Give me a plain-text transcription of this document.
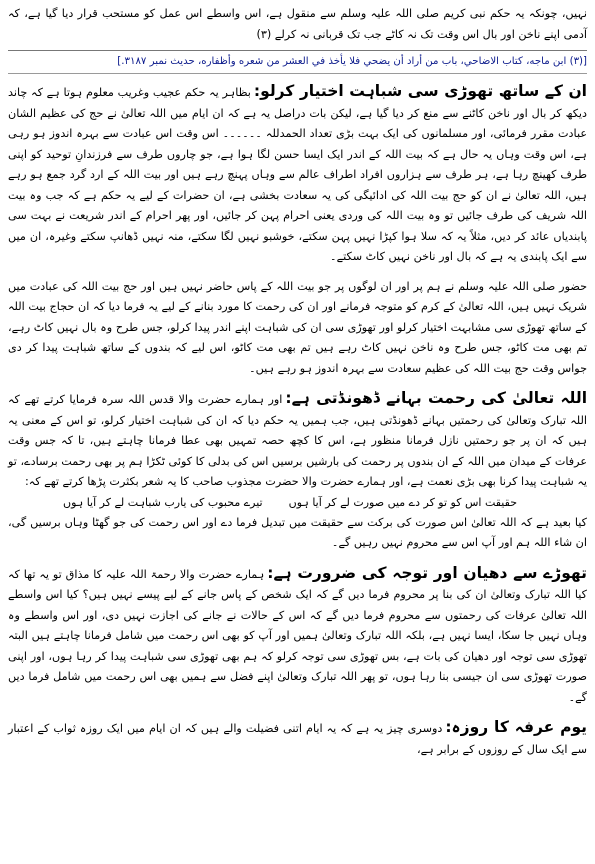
نہیں، چونکہ یہ حکم نبی کریم صلی اللہ علیہ وسلم سے منقول ہے، اس واسطے اس عمل کو مستحب قرار دیا گیا ہے، کہ آدمی اپنے ناخن اور بال اس وقت تک نہ کاٹے جب تک قربانی نہ کرلے (۳)

[(٣) ابن ماجه، كتاب الاضاحي، باب من أراد أن يضحي فلا يأخذ في العشر من شعره وأظفاره، حديث نمبر ٣١٨٧.]

ان کے ساتھ تھوڑی سی شباہت اختیار کرلو:بظاہر یہ حکم عجیب وغریب معلوم ہوتا ہے کہ چاند دیکھ کر بال اور ناخن کاٹنے سے منع کر دیا گیا ہے، لیکن بات دراصل یہ ہے کہ ان ایام میں اللہ تعالیٰ نے حج کی عظیم الشان عبادت مقرر فرمائی، اور مسلمانوں کی ایک بہت بڑی تعداد الحمدللہ ۔۔۔۔۔۔ اس وقت اس عبادت سے بہرہ اندوز ہو رہی ہے، اس وقت وہاں یہ حال ہے کہ بیت اللہ کے اندر ایک ایسا حسن لگا ہوا ہے، جو چاروں طرف سے فرزندانِ توحید کو اپنی طرف کھینچ رہا ہے، ہر طرف سے ہزاروں افراد اطراف عالم سے وہاں پہنچ رہے ہیں اور بیت اللہ کے ارد گرد جمع ہو رہے ہیں، اللہ تعالیٰ نے ان کو حج بیت اللہ کی ادائیگی کی یہ سعادت بخشی ہے، ان حضرات کے لیے یہ حکم ہے کہ جب وہ بیت اللہ شریف کی طرف جائیں تو وہ بیت اللہ کی وردی یعنی احرام پہن کر جائیں، اور پھر احرام کے اندر شریعت نے بہت سی پابندیاں عائد کر دیں، مثلاً یہ کہ سلا ہوا کپڑا نہیں پہن سکتے، خوشبو نہیں لگا سکتے، منہ نہیں ڈھانپ سکتے وغیرہ، ان میں سے ایک پابندی یہ ہے کہ بال اور ناخن نہیں کاٹ سکتے۔

حضور صلی اللہ علیہ وسلم نے ہم پر اور ان لوگوں پر جو بیت اللہ کے پاس حاضر نہیں ہیں اور حج بیت اللہ کی عبادت میں شریک نہیں ہیں، اللہ تعالیٰ کے کرم کو متوجہ فرمانے اور ان کی رحمت کا مورد بنانے کے لیے یہ فرما دیا کہ ان حجاج بیت اللہ کے ساتھ تھوڑی سی مشابہت اختیار کرلو اور تھوڑی سی ان کی شباہت اپنے اندر پیدا کرلو، جس طرح وہ بال نہیں کاٹ رہے، تم بھی مت کاٹو، جس طرح وہ ناخن نہیں کاٹ رہے ہیں تم بھی مت کاٹو، اس لیے کہ بندوں کے ساتھ شباہت پیدا کر دی جواس وقت حج بیت اللہ کی عظیم سعادت سے بہرہ اندوز ہو رہے ہیں۔

اللہ تعالیٰ کی رحمت بہانے ڈھونڈتی ہے:اور ہمارے حضرت والا قدس اللہ سرہ فرمایا کرتے تھے کہ اللہ تبارک وتعالیٰ کی رحمتیں بہانے ڈھونڈتی ہیں، جب ہمیں یہ حکم دیا کہ ان کی شباہت اختیار کرلو، تو اس کے معنی یہ ہیں کہ ان پر جو رحمتیں نازل فرمانا منظور ہے، اس کا کچھ حصہ تمہیں بھی عطا فرمانا چاہتے ہیں، تا کہ جس وقت عرفات کے میدان میں اللہ کے ان بندوں پر رحمت کی بارشیں برسیں اس کی بدلی کا کوئی ٹکڑا ہم پر بھی رحمت برسادے، تو یہ شباہت پیدا کرنا بھی بڑی نعمت ہے، اور ہمارے حضرت والا حضرت مجذوب صاحب کا یہ شعر بکثرت پڑھا کرتے تھے کہ:

تیرے محبوب کی یارب شباہت لے کر آیا ہوں حقیقت اس کو تو کر دے میں صورت لے کر آیا ہوں

کیا بعید ہے کہ اللہ تعالیٰ اس صورت کی برکت سے حقیقت میں تبدیل فرما دے اور اس رحمت کی جو گھٹا وہاں برسیں گی، ان شاء اللہ ہم اور آپ اس سے محروم نہیں رہیں گے۔

تھوڑے سے دھیان اور توجہ کی ضرورت ہے:ہمارے حضرت والا رحمۃ اللہ علیہ کا مذاق تو یہ تھا کہ کیا اللہ تبارک وتعالیٰ ان کی بنا پر محروم فرما دیں گے کہ ایک شخص کے پاس جانے کے لیے پیسے نہیں ہیں؟ کیا اس واسطے اللہ تعالیٰ عرفات کی رحمتوں سے محروم فرما دیں گے کہ اس کے حالات نے جانے کی اجازت نہیں دی، اور اس واسطے وہ وہاں نہیں جا سکا، ایسا نہیں ہے، بلکہ اللہ تبارک وتعالیٰ ہمیں اور آپ کو بھی اس رحمت میں شامل فرمانا چاہتے ہیں البتہ تھوڑی سی توجہ اور دھیان کی بات ہے، بس تھوڑی سی توجہ کرلو کہ ہم بھی تھوڑی سی شباہت پیدا کر رہا ہوں، اور اپنی صورت تھوڑی سی ان جیسی بنا رہا ہوں، تو پھر اللہ تبارک وتعالیٰ اپنے فضل سے ہمیں بھی اس رحمت میں شامل فرما دیں گے۔

یوم عرفہ کا روزہ:دوسری چیز یہ ہے کہ یہ ایام اتنی فضیلت والے ہیں کہ ان ایام میں ایک روزہ ثواب کے اعتبار سے ایک سال کے روزوں کے برابر ہے،
